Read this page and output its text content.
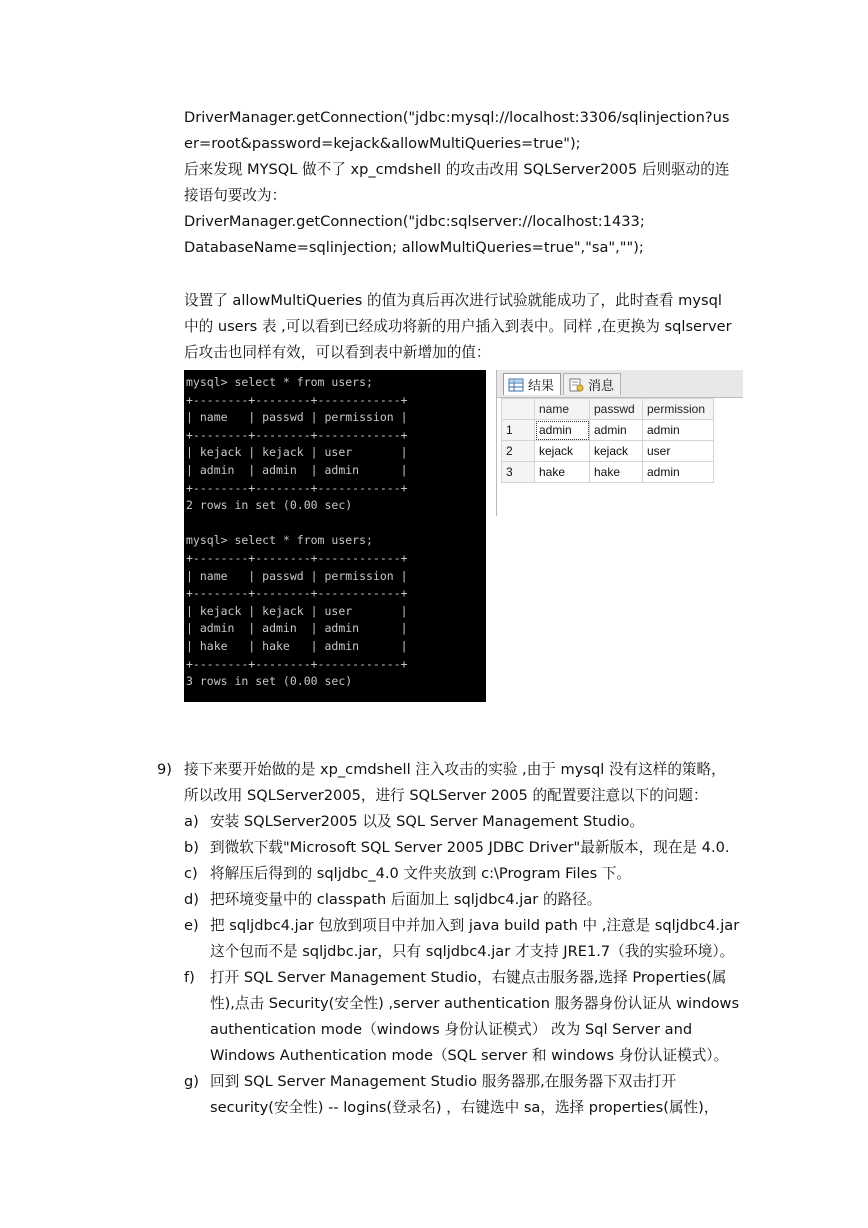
DriverManager.getConnection("jdbc:mysql://localhost:3306/sqlinjection?us
er=root&password=kejack&allowMultiQueries=true");
后来发现 MYSQL 做不了 xp_cmdshell 的攻击改用 SQLServer2005 后则驱动的连
接语句要改为：
DriverManager.getConnection("jdbc:sqlserver://localhost:1433;
DatabaseName=sqlinjection; allowMultiQueries=true","sa","");
设置了 allowMultiQueries 的值为真后再次进行试验就能成功了，此时查看 mysql
中的 users 表 ,可以看到已经成功将新的用户插入到表中。同样 ,在更换为 sqlserver
后攻击也同样有效，可以看到表中新增加的值：
mysql> select * from users;
+--------+--------+------------+
| name   | passwd | permission |
+--------+--------+------------+
| kejack | kejack | user       |
| admin  | admin  | admin      |
+--------+--------+------------+
2 rows in set (0.00 sec)

mysql> select * from users;
+--------+--------+------------+
| name   | passwd | permission |
+--------+--------+------------+
| kejack | kejack | user       |
| admin  | admin  | admin      |
| hake   | hake   | admin      |
+--------+--------+------------+
3 rows in set (0.00 sec)
结果	消息
	name	passwd	permission
1	admin	admin	admin
2	kejack	kejack	user
3	hake	hake	admin
9) 接下来要开始做的是 xp_cmdshell 注入攻击的实验 ,由于 mysql 没有这样的策略，
所以改用 SQLServer2005，进行 SQLServer 2005 的配置要注意以下的问题：
a) 安装 SQLServer2005 以及 SQL Server Management Studio。
b) 到微软下载"Microsoft SQL Server 2005 JDBC Driver"最新版本，现在是 4.0.
c) 将解压后得到的 sqljdbc_4.0 文件夹放到 c:\Program Files 下。
d) 把环境变量中的 classpath 后面加上 sqljdbc4.jar 的路径。
e) 把 sqljdbc4.jar 包放到项目中并加入到 java build path 中 ,注意是 sqljdbc4.jar
这个包而不是 sqljdbc.jar，只有 sqljdbc4.jar 才支持 JRE1.7（我的实验环境）。
f) 打开 SQL Server Management Studio，右键点击服务器,选择 Properties(属
性),点击 Security(安全性) ,server authentication 服务器身份认证从 windows
authentication mode（windows 身份认证模式） 改为 Sql Server and
Windows Authentication mode（SQL server 和 windows 身份认证模式）。
g) 回到 SQL Server Management Studio 服务器那,在服务器下双击打开
security(安全性) -- logins(登录名) ，右键选中 sa，选择 properties(属性)，
